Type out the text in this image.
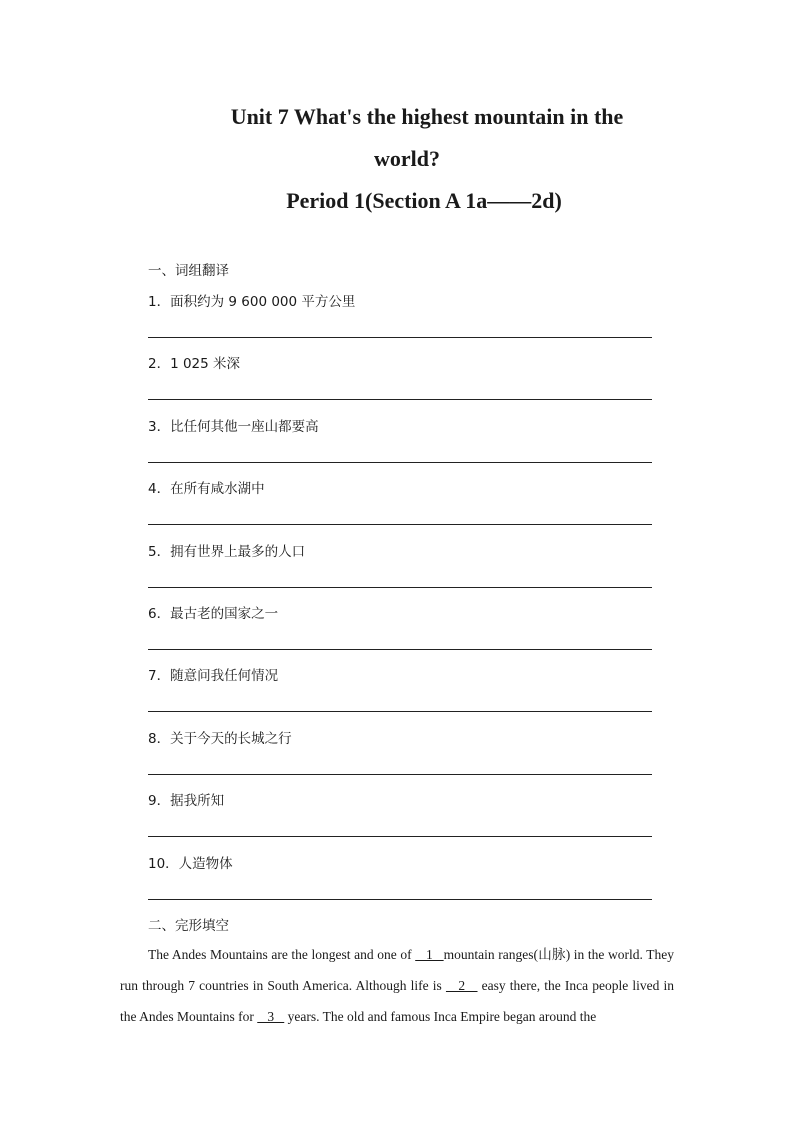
Unit 7 What's the highest mountain in the
world?
Period 1(Section A 1a——2d)
一、词组翻译
1．面积约为 9 600 000 平方公里
2．1 025 米深
3．比任何其他一座山都要高
4．在所有咸水湖中
5．拥有世界上最多的人口
6．最古老的国家之一
7．随意问我任何情况
8．关于今天的长城之行
9．据我所知
10．人造物体
二、完形填空
The Andes Mountains are the longest and one of    1   mountain ranges(山脉) in the world. They run through 7 countries in South America. Although life is    2    easy there, the Inca people lived in the Andes Mountains for    3    years. The old and famous Inca Empire began around the
